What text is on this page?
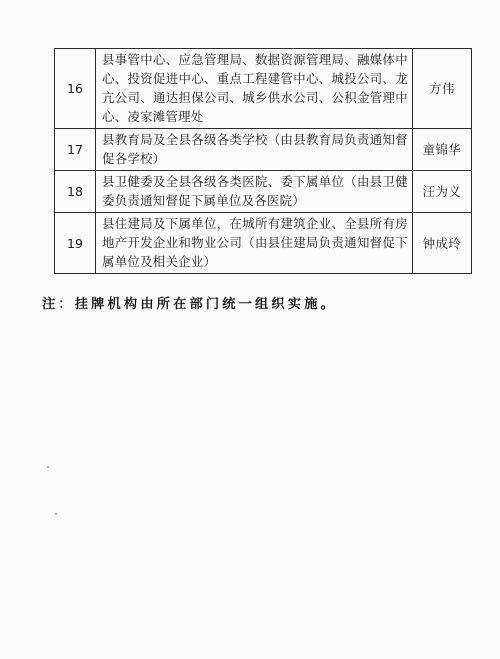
16	县事管中心、应急管理局、数据资源管理局、融媒体中心、投资促进中心、重点工程建管中心、城投公司、龙亢公司、通达担保公司、城乡供水公司、公积金管理中心、凌家滩管理处	方伟
17	县教育局及全县各级各类学校（由县教育局负责通知督促各学校）	童锦华
18	县卫健委及全县各级各类医院、委下属单位（由县卫健委负责通知督促下属单位及各医院）	汪为义
19	县住建局及下属单位，在城所有建筑企业、全县所有房地产开发企业和物业公司（由县住建局负责通知督促下属单位及相关企业）	钟成玲
注：挂牌机构由所在部门统一组织实施。
